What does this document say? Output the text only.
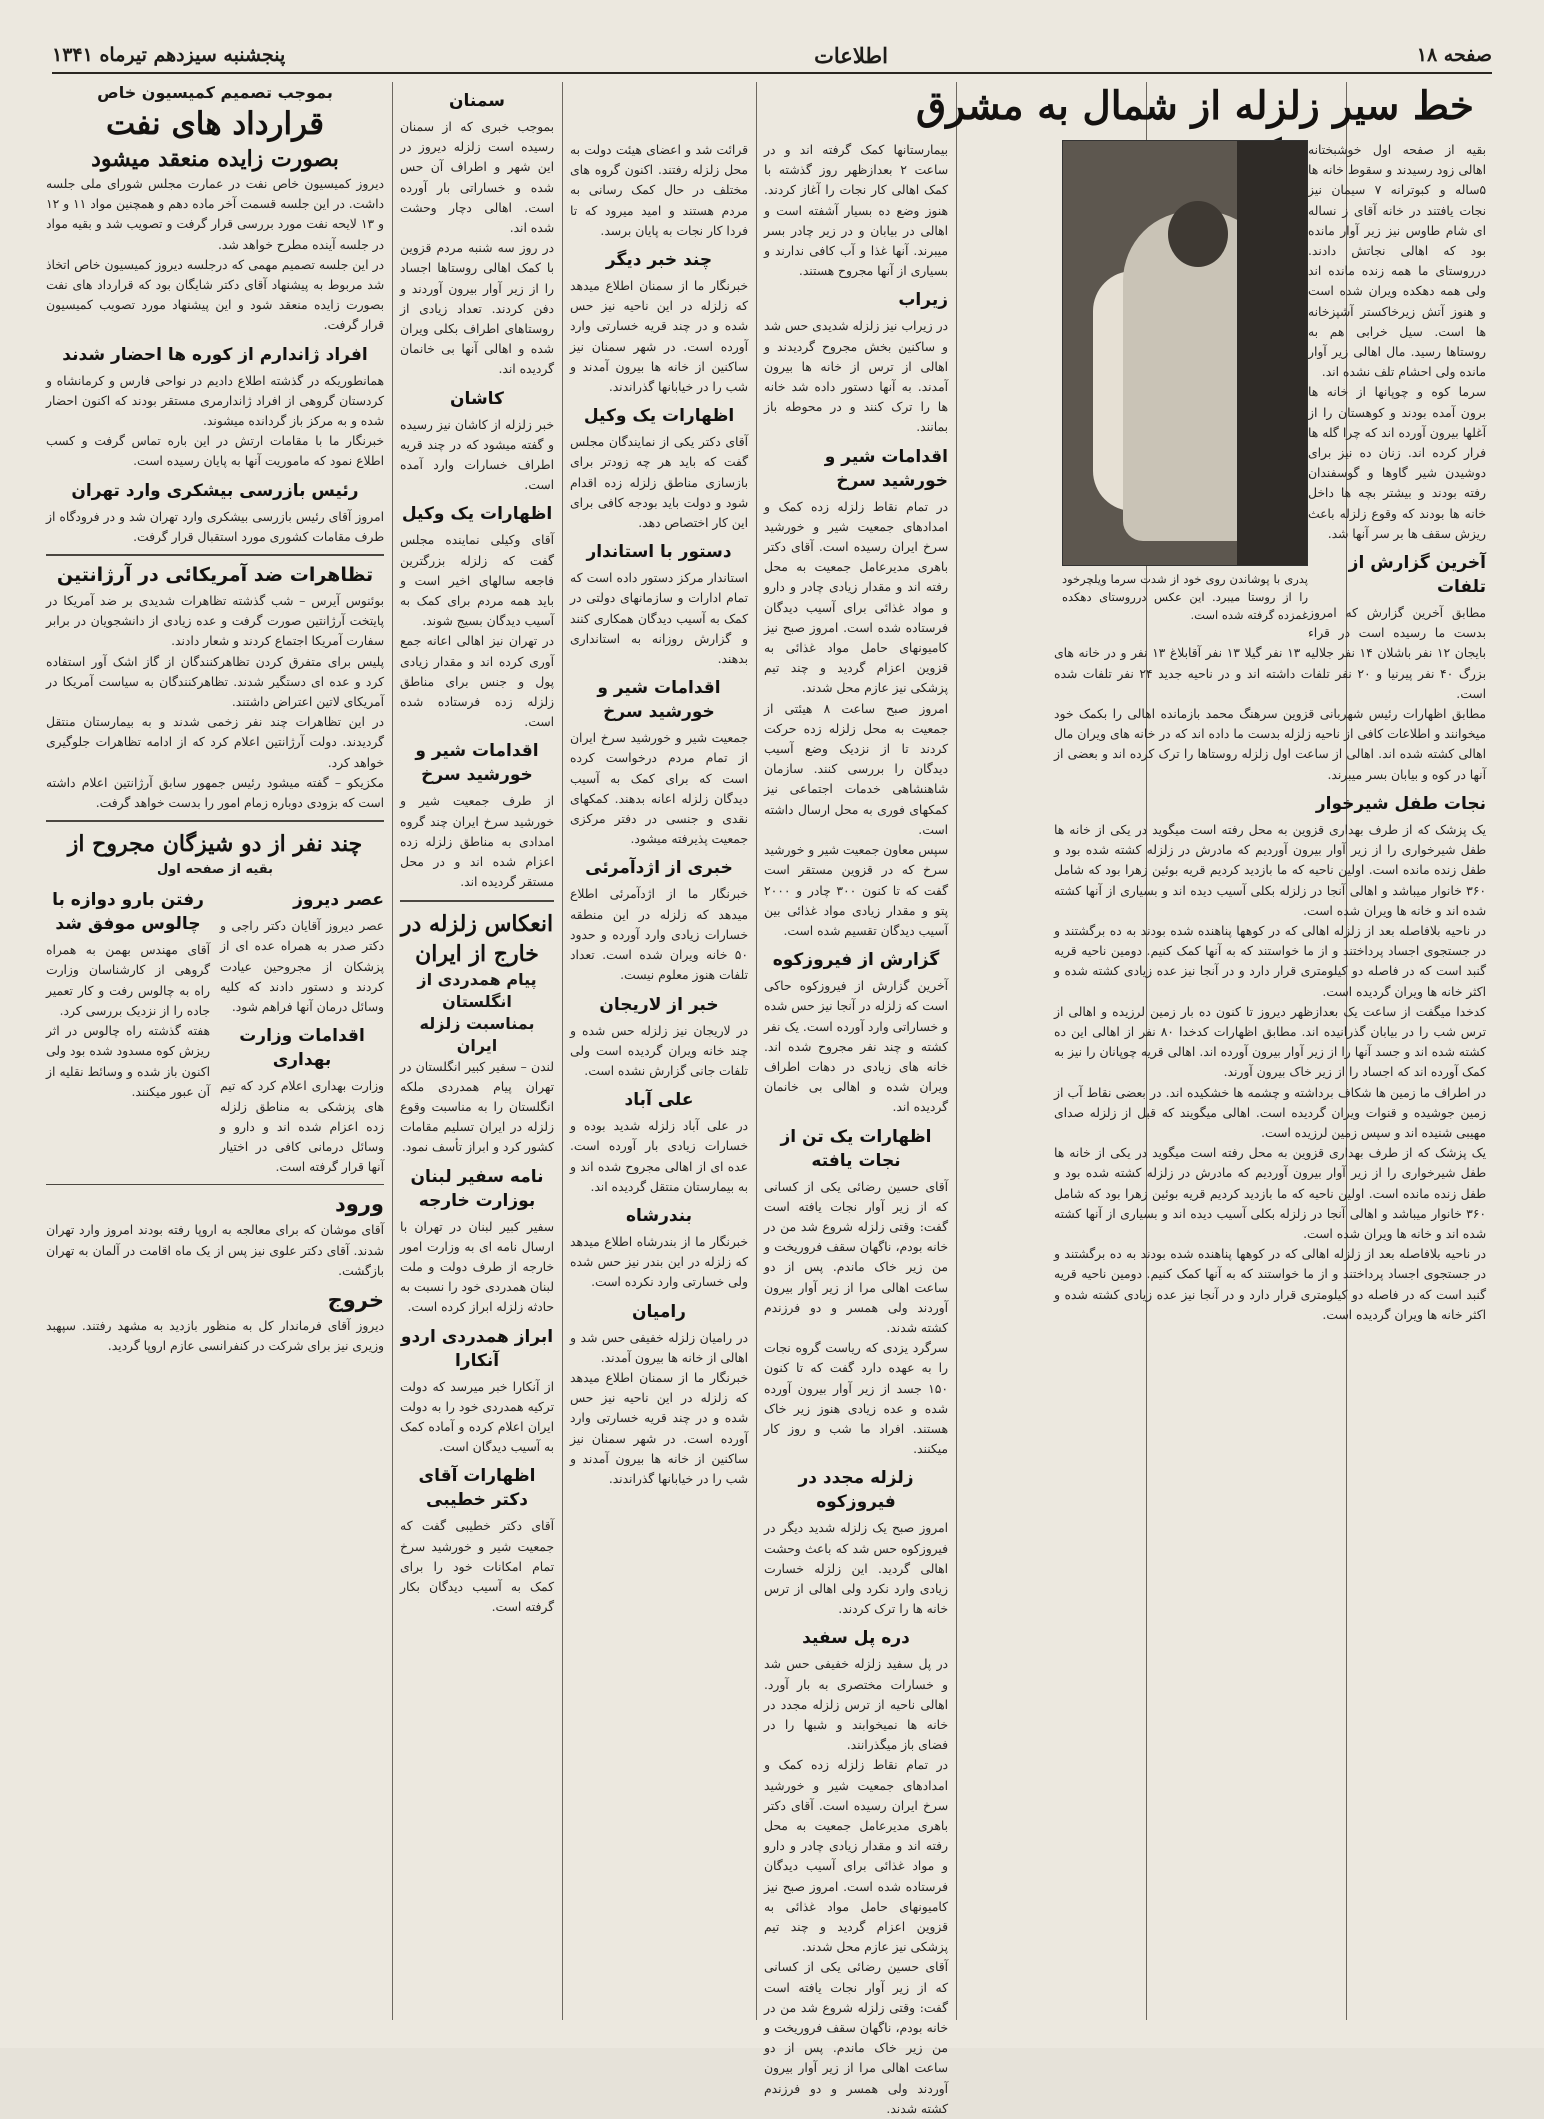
صفحه ۱۸
اطلاعات
پنجشنبه سیزدهم تیرماه ۱۳۴۱
خط سیر زلزله از شمال به مشرق
پدری با پوشاندن روی خود از شدت سرما ویلچرخود را از روستا میبرد. این عکس درروستای دهکده غمزده گرفته شده است.

بقیه از صفحه اول خوشبختانه اهالی زود رسیدند و سقوط خانه ها ۵ساله و کبوترانه ۷ سیمان نیز نجات یافتند در خانه آقای ز نساله ای شام طاوس نیز زیر آوار مانده بود که اهالی نجاتش دادند. درروستای ما همه زنده مانده اند ولی همه دهکده ویران شده است و هنوز آتش زیرخاکستر آشپزخانه ها است. سیل خرابی هم به روستاها رسید. مال اهالی زیر آوار مانده ولی احشام تلف نشده اند.

سرما کوه و چوپانها از خانه ها برون آمده بودند و کوهستان را از آغلها بیرون آورده اند که چرا گله ها فرار کرده اند. زنان ده نیز برای دوشیدن شیر گاوها و گوسفندان رفته بودند و بیشتر بچه ها داخل خانه ها بودند که وقوع زلزله باعث ریزش سقف ها بر سر آنها شد.

آخرین گزارش از تلفات

مطابق آخرین گزارش که امروز بدست ما رسیده است در قراء بایجان ۱۲ نفر باشلان ۱۴ نفر جلالیه ۱۳ نفر گیلا ۱۳ نفر آقابلاغ ۱۳ نفر و در خانه های بزرگ ۴۰ نفر پیرنیا و ۲۰ نفر تلفات داشته اند و در ناحیه جدید ۲۴ نفر تلفات شده است.

مطابق اظهارات رئیس شهربانی قزوین سرهنگ محمد بازمانده اهالی را بکمک خود میخوانند و اطلاعات کافی از ناحیه زلزله بدست ما داده اند که در خانه های ویران مال اهالی کشته شده اند. اهالی از ساعت اول زلزله روستاها را ترک کرده اند و بعضی از آنها در کوه و بیابان بسر میبرند.

نجات طفل شیرخوار

یک پزشک که از طرف بهداری قزوین به محل رفته است میگوید در یکی از خانه ها طفل شیرخواری را از زیر آوار بیرون آوردیم که مادرش در زلزله کشته شده بود و طفل زنده مانده است. اولین ناحیه که ما بازدید کردیم قریه بوئین زهرا بود که شامل ۳۶۰ خانوار میباشد و اهالی آنجا در زلزله بکلی آسیب دیده اند و بسیاری از آنها کشته شده اند و خانه ها ویران شده است.

در ناحیه بلافاصله بعد از زلزله اهالی که در کوهها پناهنده شده بودند به ده برگشتند و در جستجوی اجساد پرداختند و از ما خواستند که به آنها کمک کنیم. دومین ناحیه قریه گنبد است که در فاصله دو کیلومتری قرار دارد و در آنجا نیز عده زیادی کشته شده و اکثر خانه ها ویران گردیده است.

کدخدا میگفت از ساعت یک بعدازظهر دیروز تا کنون ده بار زمین لرزیده و اهالی از ترس شب را در بیابان گذرانیده اند. مطابق اظهارات کدخدا ۸۰ نفر از اهالی این ده کشته شده اند و جسد آنها را از زیر آوار بیرون آورده اند. اهالی قریه چوپانان را نیز به کمک آورده اند که اجساد را از زیر خاک بیرون آورند.

در اطراف ما زمین ها شکاف برداشته و چشمه ها خشکیده اند. در بعضی نقاط آب از زمین جوشیده و قنوات ویران گردیده است. اهالی میگویند که قبل از زلزله صدای مهیبی شنیده اند و سپس زمین لرزیده است.

یک پزشک که از طرف بهداری قزوین به محل رفته است میگوید در یکی از خانه ها طفل شیرخواری را از زیر آوار بیرون آوردیم که مادرش در زلزله کشته شده بود و طفل زنده مانده است. اولین ناحیه که ما بازدید کردیم قریه بوئین زهرا بود که شامل ۳۶۰ خانوار میباشد و اهالی آنجا در زلزله بکلی آسیب دیده اند و بسیاری از آنها کشته شده اند و خانه ها ویران شده است.

در ناحیه بلافاصله بعد از زلزله اهالی که در کوهها پناهنده شده بودند به ده برگشتند و در جستجوی اجساد پرداختند و از ما خواستند که به آنها کمک کنیم. دومین ناحیه قریه گنبد است که در فاصله دو کیلومتری قرار دارد و در آنجا نیز عده زیادی کشته شده و اکثر خانه ها ویران گردیده است.

بیمارستانها کمک گرفته اند و در ساعت ۲ بعدازظهر روز گذشته با کمک اهالی کار نجات را آغاز کردند. هنوز وضع ده بسیار آشفته است و اهالی در بیابان و در زیر چادر بسر میبرند. آنها غذا و آب کافی ندارند و بسیاری از آنها مجروح هستند.

زیراب

در زیراب نیز زلزله شدیدی حس شد و ساکنین بخش مجروح گردیدند و اهالی از ترس از خانه ها بیرون آمدند. به آنها دستور داده شد خانه ها را ترک کنند و در محوطه باز بمانند.

اقدامات شیر و خورشید سرخ

در تمام نقاط زلزله زده کمک و امدادهای جمعیت شیر و خورشید سرخ ایران رسیده است. آقای دکتر باهری مدیرعامل جمعیت به محل رفته اند و مقدار زیادی چادر و دارو و مواد غذائی برای آسیب دیدگان فرستاده شده است. امروز صبح نیز کامیونهای حامل مواد غذائی به قزوین اعزام گردید و چند تیم پزشکی نیز عازم محل شدند.

امروز صبح ساعت ۸ هیئتی از جمعیت به محل زلزله زده حرکت کردند تا از نزدیک وضع آسیب دیدگان را بررسی کنند. سازمان شاهنشاهی خدمات اجتماعی نیز کمکهای فوری به محل ارسال داشته است.

سپس معاون جمعیت شیر و خورشید سرخ که در قزوین مستقر است گفت که تا کنون ۳۰۰ چادر و ۲۰۰۰ پتو و مقدار زیادی مواد غذائی بین آسیب دیدگان تقسیم شده است.

گزارش از فیروزکوه

آخرین گزارش از فیروزکوه حاکی است که زلزله در آنجا نیز حس شده و خساراتی وارد آورده است. یک نفر کشته و چند نفر مجروح شده اند. خانه های زیادی در دهات اطراف ویران شده و اهالی بی خانمان گردیده اند.

اظهارات یک تن از نجات یافته

آقای حسین رضائی یکی از کسانی که از زیر آوار نجات یافته است گفت: وقتی زلزله شروع شد من در خانه بودم، ناگهان سقف فروریخت و من زیر خاک ماندم. پس از دو ساعت اهالی مرا از زیر آوار بیرون آوردند ولی همسر و دو فرزندم کشته شدند.

سرگرد یزدی که ریاست گروه نجات را به عهده دارد گفت که تا کنون ۱۵۰ جسد از زیر آوار بیرون آورده شده و عده زیادی هنوز زیر خاک هستند. افراد ما شب و روز کار میکنند.

زلزله مجدد در فیروزکوه

امروز صبح یک زلزله شدید دیگر در فیروزکوه حس شد که باعث وحشت اهالی گردید. این زلزله خسارت زیادی وارد نکرد ولی اهالی از ترس خانه ها را ترک کردند.

دره پل سفید

در پل سفید زلزله خفیفی حس شد و خسارات مختصری به بار آورد. اهالی ناحیه از ترس زلزله مجدد در خانه ها نمیخوابند و شبها را در فضای باز میگذرانند.

در تمام نقاط زلزله زده کمک و امدادهای جمعیت شیر و خورشید سرخ ایران رسیده است. آقای دکتر باهری مدیرعامل جمعیت به محل رفته اند و مقدار زیادی چادر و دارو و مواد غذائی برای آسیب دیدگان فرستاده شده است. امروز صبح نیز کامیونهای حامل مواد غذائی به قزوین اعزام گردید و چند تیم پزشکی نیز عازم محل شدند.

آقای حسین رضائی یکی از کسانی که از زیر آوار نجات یافته است گفت: وقتی زلزله شروع شد من در خانه بودم، ناگهان سقف فروریخت و من زیر خاک ماندم. پس از دو ساعت اهالی مرا از زیر آوار بیرون آوردند ولی همسر و دو فرزندم کشته شدند.

قرائت شد و اعضای هیئت دولت به محل زلزله رفتند. اکنون گروه های مختلف در حال کمک رسانی به مردم هستند و امید میرود که تا فردا کار نجات به پایان برسد.

چند خبر دیگر

خبرنگار ما از سمنان اطلاع میدهد که زلزله در این ناحیه نیز حس شده و در چند قریه خسارتی وارد آورده است. در شهر سمنان نیز ساکنین از خانه ها بیرون آمدند و شب را در خیابانها گذراندند.

اظهارات یک وکیل

آقای دکتر یکی از نمایندگان مجلس گفت که باید هر چه زودتر برای بازسازی مناطق زلزله زده اقدام شود و دولت باید بودجه کافی برای این کار اختصاص دهد.

دستور با استاندار

استاندار مرکز دستور داده است که تمام ادارات و سازمانهای دولتی در کمک به آسیب دیدگان همکاری کنند و گزارش روزانه به استانداری بدهند.

اقدامات شیر و خورشید سرخ

جمعیت شیر و خورشید سرخ ایران از تمام مردم درخواست کرده است که برای کمک به آسیب دیدگان زلزله اعانه بدهند. کمکهای نقدی و جنسی در دفتر مرکزی جمعیت پذیرفته میشود.

خبری از اژدآمرئی

خبرنگار ما از اژدآمرئی اطلاع میدهد که زلزله در این منطقه خسارات زیادی وارد آورده و حدود ۵۰ خانه ویران شده است. تعداد تلفات هنوز معلوم نیست.

خبر از لاریجان

در لاریجان نیز زلزله حس شده و چند خانه ویران گردیده است ولی تلفات جانی گزارش نشده است.

علی آباد

در علی آباد زلزله شدید بوده و خسارات زیادی بار آورده است. عده ای از اهالی مجروح شده اند و به بیمارستان منتقل گردیده اند.

بندرشاه

خبرنگار ما از بندرشاه اطلاع میدهد که زلزله در این بندر نیز حس شده ولی خسارتی وارد نکرده است.

رامیان

در رامیان زلزله خفیفی حس شد و اهالی از خانه ها بیرون آمدند.

خبرنگار ما از سمنان اطلاع میدهد که زلزله در این ناحیه نیز حس شده و در چند قریه خسارتی وارد آورده است. در شهر سمنان نیز ساکنین از خانه ها بیرون آمدند و شب را در خیابانها گذراندند.

سمنان

بموجب خبری که از سمنان رسیده است زلزله دیروز در این شهر و اطراف آن حس شده و خساراتی بار آورده است. اهالی دچار وحشت شده اند.

در روز سه شنبه مردم قزوین با کمک اهالی روستاها اجساد را از زیر آوار بیرون آوردند و دفن کردند. تعداد زیادی از روستاهای اطراف بکلی ویران شده و اهالی آنها بی خانمان گردیده اند.

کاشان

خبر زلزله از کاشان نیز رسیده و گفته میشود که در چند قریه اطراف خسارات وارد آمده است.

اظهارات یک وکیل

آقای وکیلی نماینده مجلس گفت که زلزله بزرگترین فاجعه سالهای اخیر است و باید همه مردم برای کمک به آسیب دیدگان بسیج شوند.

در تهران نیز اهالی اعانه جمع آوری کرده اند و مقدار زیادی پول و جنس برای مناطق زلزله زده فرستاده شده است.

اقدامات شیر و خورشید سرخ

از طرف جمعیت شیر و خورشید سرخ ایران چند گروه امدادی به مناطق زلزله زده اعزام شده اند و در محل مستقر گردیده اند.

انعکاس زلزله در خارج از ایران
پیام همدردی از انگلستان
بمناسبت زلزله ایران

لندن – سفیر کبیر انگلستان در تهران پیام همدردی ملکه انگلستان را به مناسبت وقوع زلزله در ایران تسلیم مقامات کشور کرد و ابراز تأسف نمود.

نامه سفیر لبنان بوزارت خارجه

سفیر کبیر لبنان در تهران با ارسال نامه ای به وزارت امور خارجه از طرف دولت و ملت لبنان همدردی خود را نسبت به حادثه زلزله ابراز کرده است.

ابراز همدردی اردو آنکارا

از آنکارا خبر میرسد که دولت ترکیه همدردی خود را به دولت ایران اعلام کرده و آماده کمک به آسیب دیدگان است.

اظهارات آقای دکتر خطیبی

آقای دکتر خطیبی گفت که جمعیت شیر و خورشید سرخ تمام امکانات خود را برای کمک به آسیب دیدگان بکار گرفته است.

بموجب تصمیم کمیسیون خاص
قرارداد های نفت
بصورت زایده منعقد میشود

دیروز کمیسیون خاص نفت در عمارت مجلس شورای ملی جلسه داشت. در این جلسه قسمت آخر ماده دهم و همچنین مواد ۱۱ و ۱۲ و ۱۳ لایحه نفت مورد بررسی قرار گرفت و تصویب شد و بقیه مواد در جلسه آینده مطرح خواهد شد.

در این جلسه تصمیم مهمی که درجلسه دیروز کمیسیون خاص اتخاذ شد مربوط به پیشنهاد آقای دکتر شایگان بود که قرارداد های نفت بصورت زایده منعقد شود و این پیشنهاد مورد تصویب کمیسیون قرار گرفت.

افراد ژاندارم از کوره ها احضار شدند

همانطوریکه در گذشته اطلاع دادیم در نواحی فارس و کرمانشاه و کردستان گروهی از افراد ژاندارمری مستقر بودند که اکنون احضار شده و به مرکز باز گردانده میشوند.

خبرنگار ما با مقامات ارتش در این باره تماس گرفت و کسب اطلاع نمود که ماموریت آنها به پایان رسیده است.

رئیس بازرسی بیشکری وارد تهران

امروز آقای رئیس بازرسی بیشکری وارد تهران شد و در فرودگاه از طرف مقامات کشوری مورد استقبال قرار گرفت.

تظاهرات ضد آمریکائی در آرژانتین

بوئنوس آیرس – شب گذشته تظاهرات شدیدی بر ضد آمریکا در پایتخت آرژانتین صورت گرفت و عده زیادی از دانشجویان در برابر سفارت آمریکا اجتماع کردند و شعار دادند.

پلیس برای متفرق کردن تظاهرکنندگان از گاز اشک آور استفاده کرد و عده ای دستگیر شدند. تظاهرکنندگان به سیاست آمریکا در آمریکای لاتین اعتراض داشتند.

در این تظاهرات چند نفر زخمی شدند و به بیمارستان منتقل گردیدند. دولت آرژانتین اعلام کرد که از ادامه تظاهرات جلوگیری خواهد کرد.

مکزیکو – گفته میشود رئیس جمهور سابق آرژانتین اعلام داشته است که بزودی دوباره زمام امور را بدست خواهد گرفت.

چند نفر از دو شیزگان مجروح از
بقیه از صفحه اول
عصر دیروز

عصر دیروز آقایان دکتر راجی و دکتر صدر به همراه عده ای از پزشکان از مجروحین عیادت کردند و دستور دادند که کلیه وسائل درمان آنها فراهم شود.

اقدامات وزارت بهداری

وزارت بهداری اعلام کرد که تیم های پزشکی به مناطق زلزله زده اعزام شده اند و دارو و وسائل درمانی کافی در اختیار آنها قرار گرفته است.

رفتن بارو دوازه با چالوس موفق شد

آقای مهندس بهمن به همراه گروهی از کارشناسان وزارت راه به چالوس رفت و کار تعمیر جاده را از نزدیک بررسی کرد.

هفته گذشته راه چالوس در اثر ریزش کوه مسدود شده بود ولی اکنون باز شده و وسائط نقلیه از آن عبور میکنند.

ورود

آقای موشان که برای معالجه به اروپا رفته بودند امروز وارد تهران شدند. آقای دکتر علوی نیز پس از یک ماه اقامت در آلمان به تهران بازگشت.

خروج

دیروز آقای فرماندار کل به منظور بازدید به مشهد رفتند. سپهبد وزیری نیز برای شرکت در کنفرانسی عازم اروپا گردید.
